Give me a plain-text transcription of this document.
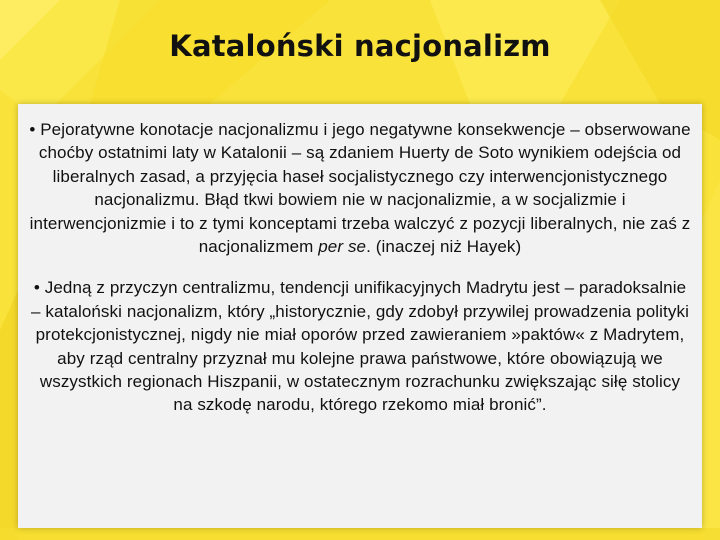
Kataloński nacjonalizm

• Pejoratywne konotacje nacjonalizmu i jego negatywne konsekwencje – obserwowane choćby ostatnimi laty w Katalonii – są zdaniem Huerty de Soto wynikiem odejścia od liberalnych zasad, a przyjęcia haseł socjalistycznego czy interwencjonistycznego nacjonalizmu. Błąd tkwi bowiem nie w nacjonalizmie, a w socjalizmie i interwencjonizmie i to z tymi konceptami trzeba walczyć z pozycji liberalnych, nie zaś z nacjonalizmem per se. (inaczej niż Hayek)

• Jedną z przyczyn centralizmu, tendencji unifikacyjnych Madrytu jest – paradoksalnie – kataloński nacjonalizm, który „historycznie, gdy zdobył przywilej prowadzenia polityki protekcjonistycznej, nigdy nie miał oporów przed zawieraniem »paktów« z Madrytem, aby rząd centralny przyznał mu kolejne prawa państwowe, które obowiązują we wszystkich regionach Hiszpanii, w ostatecznym rozrachunku zwiększając siłę stolicy na szkodę narodu, którego rzekomo miał bronić”.
